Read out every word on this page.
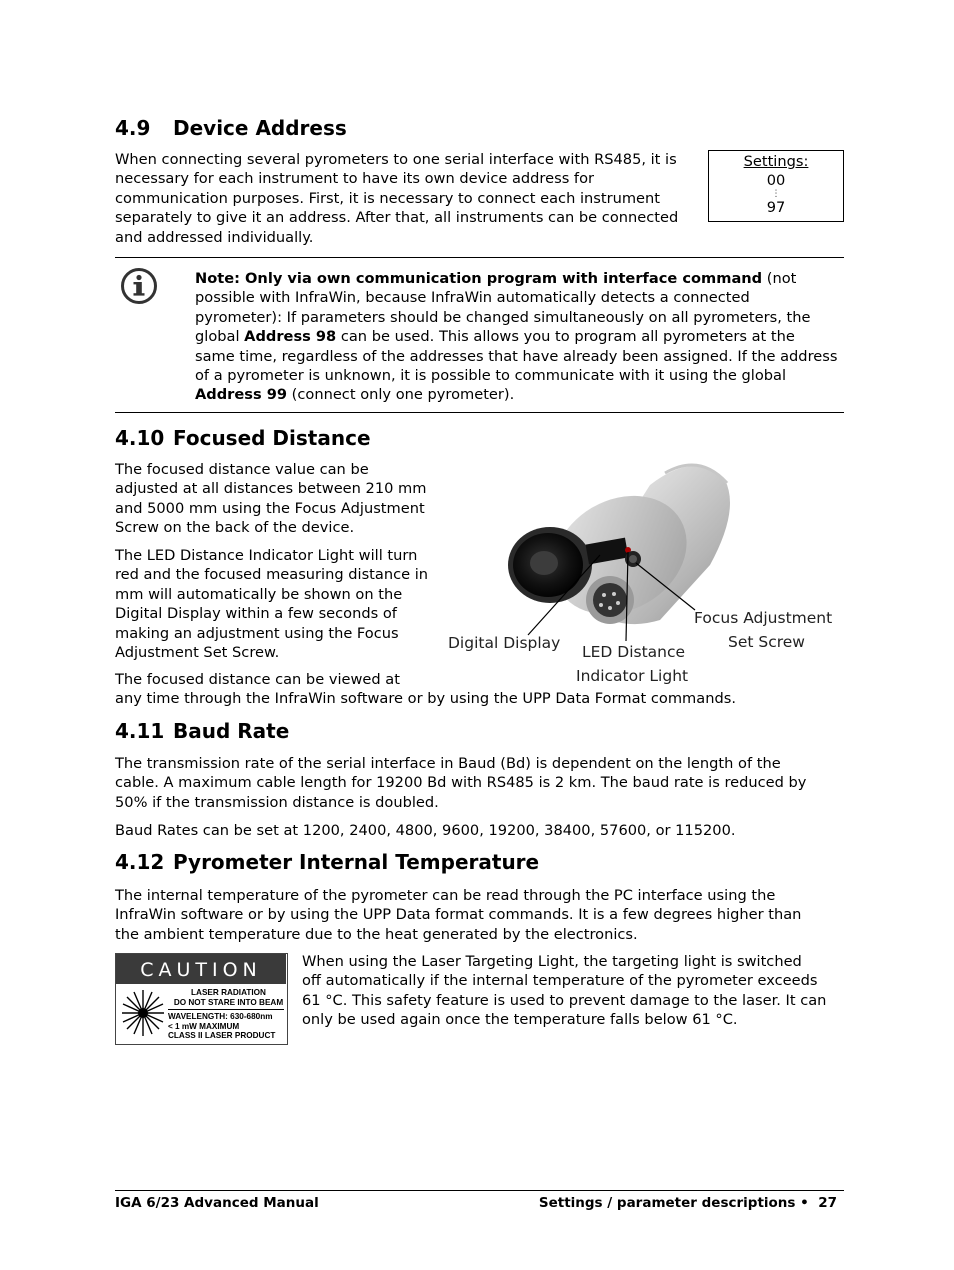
4.9 Device Address
When connecting several pyrometers to one serial interface with RS485, it is
necessary for each instrument to have its own device address for
communication purposes. First, it is necessary to connect each instrument
separately to give it an address. After that, all instruments can be connected
and addressed individually.
Settings:
00
⋮
97
Note: Only via own communication program with interface command (not
possible with InfraWin, because InfraWin automatically detects a connected
pyrometer): If parameters should be changed simultaneously on all pyrometers, the
global Address 98 can be used. This allows you to program all pyrometers at the
same time, regardless of the addresses that have already been assigned. If the address
of a pyrometer is unknown, it is possible to communicate with it using the global
Address 99 (connect only one pyrometer).
4.10 Focused Distance
The focused distance value can be
adjusted at all distances between 210 mm
and 5000 mm using the Focus Adjustment
Screw on the back of the device.
The LED Distance Indicator Light will turn
red and the focused measuring distance in
mm will automatically be shown on the
Digital Display within a few seconds of
making an adjustment using the Focus
Adjustment Set Screw.
The focused distance can be viewed at
any time through the InfraWin software or by using the UPP Data Format commands.
Digital Display LED Distance
Indicator Light
Focus Adjustment
Set Screw
4.11 Baud Rate
The transmission rate of the serial interface in Baud (Bd) is dependent on the length of the
cable. A maximum cable length for 19200 Bd with RS485 is 2 km. The baud rate is reduced by
50% if the transmission distance is doubled.
Baud Rates can be set at 1200, 2400, 4800, 9600, 19200, 38400, 57600, or 115200.
4.12 Pyrometer Internal Temperature
The internal temperature of the pyrometer can be read through the PC interface using the
InfraWin software or by using the UPP Data format commands. It is a few degrees higher than
the ambient temperature due to the heat generated by the electronics.
When using the Laser Targeting Light, the targeting light is switched
off automatically if the internal temperature of the pyrometer exceeds
61 °C. This safety feature is used to prevent damage to the laser. It can
only be used again once the temperature falls below 61 °C.
CAUTION
LASER RADIATION
DO NOT STARE INTO BEAM
WAVELENGTH: 630-680nm
< 1 mW MAXIMUM
CLASS II LASER PRODUCT
IGA 6/23 Advanced Manual	Settings / parameter descriptions • 27
